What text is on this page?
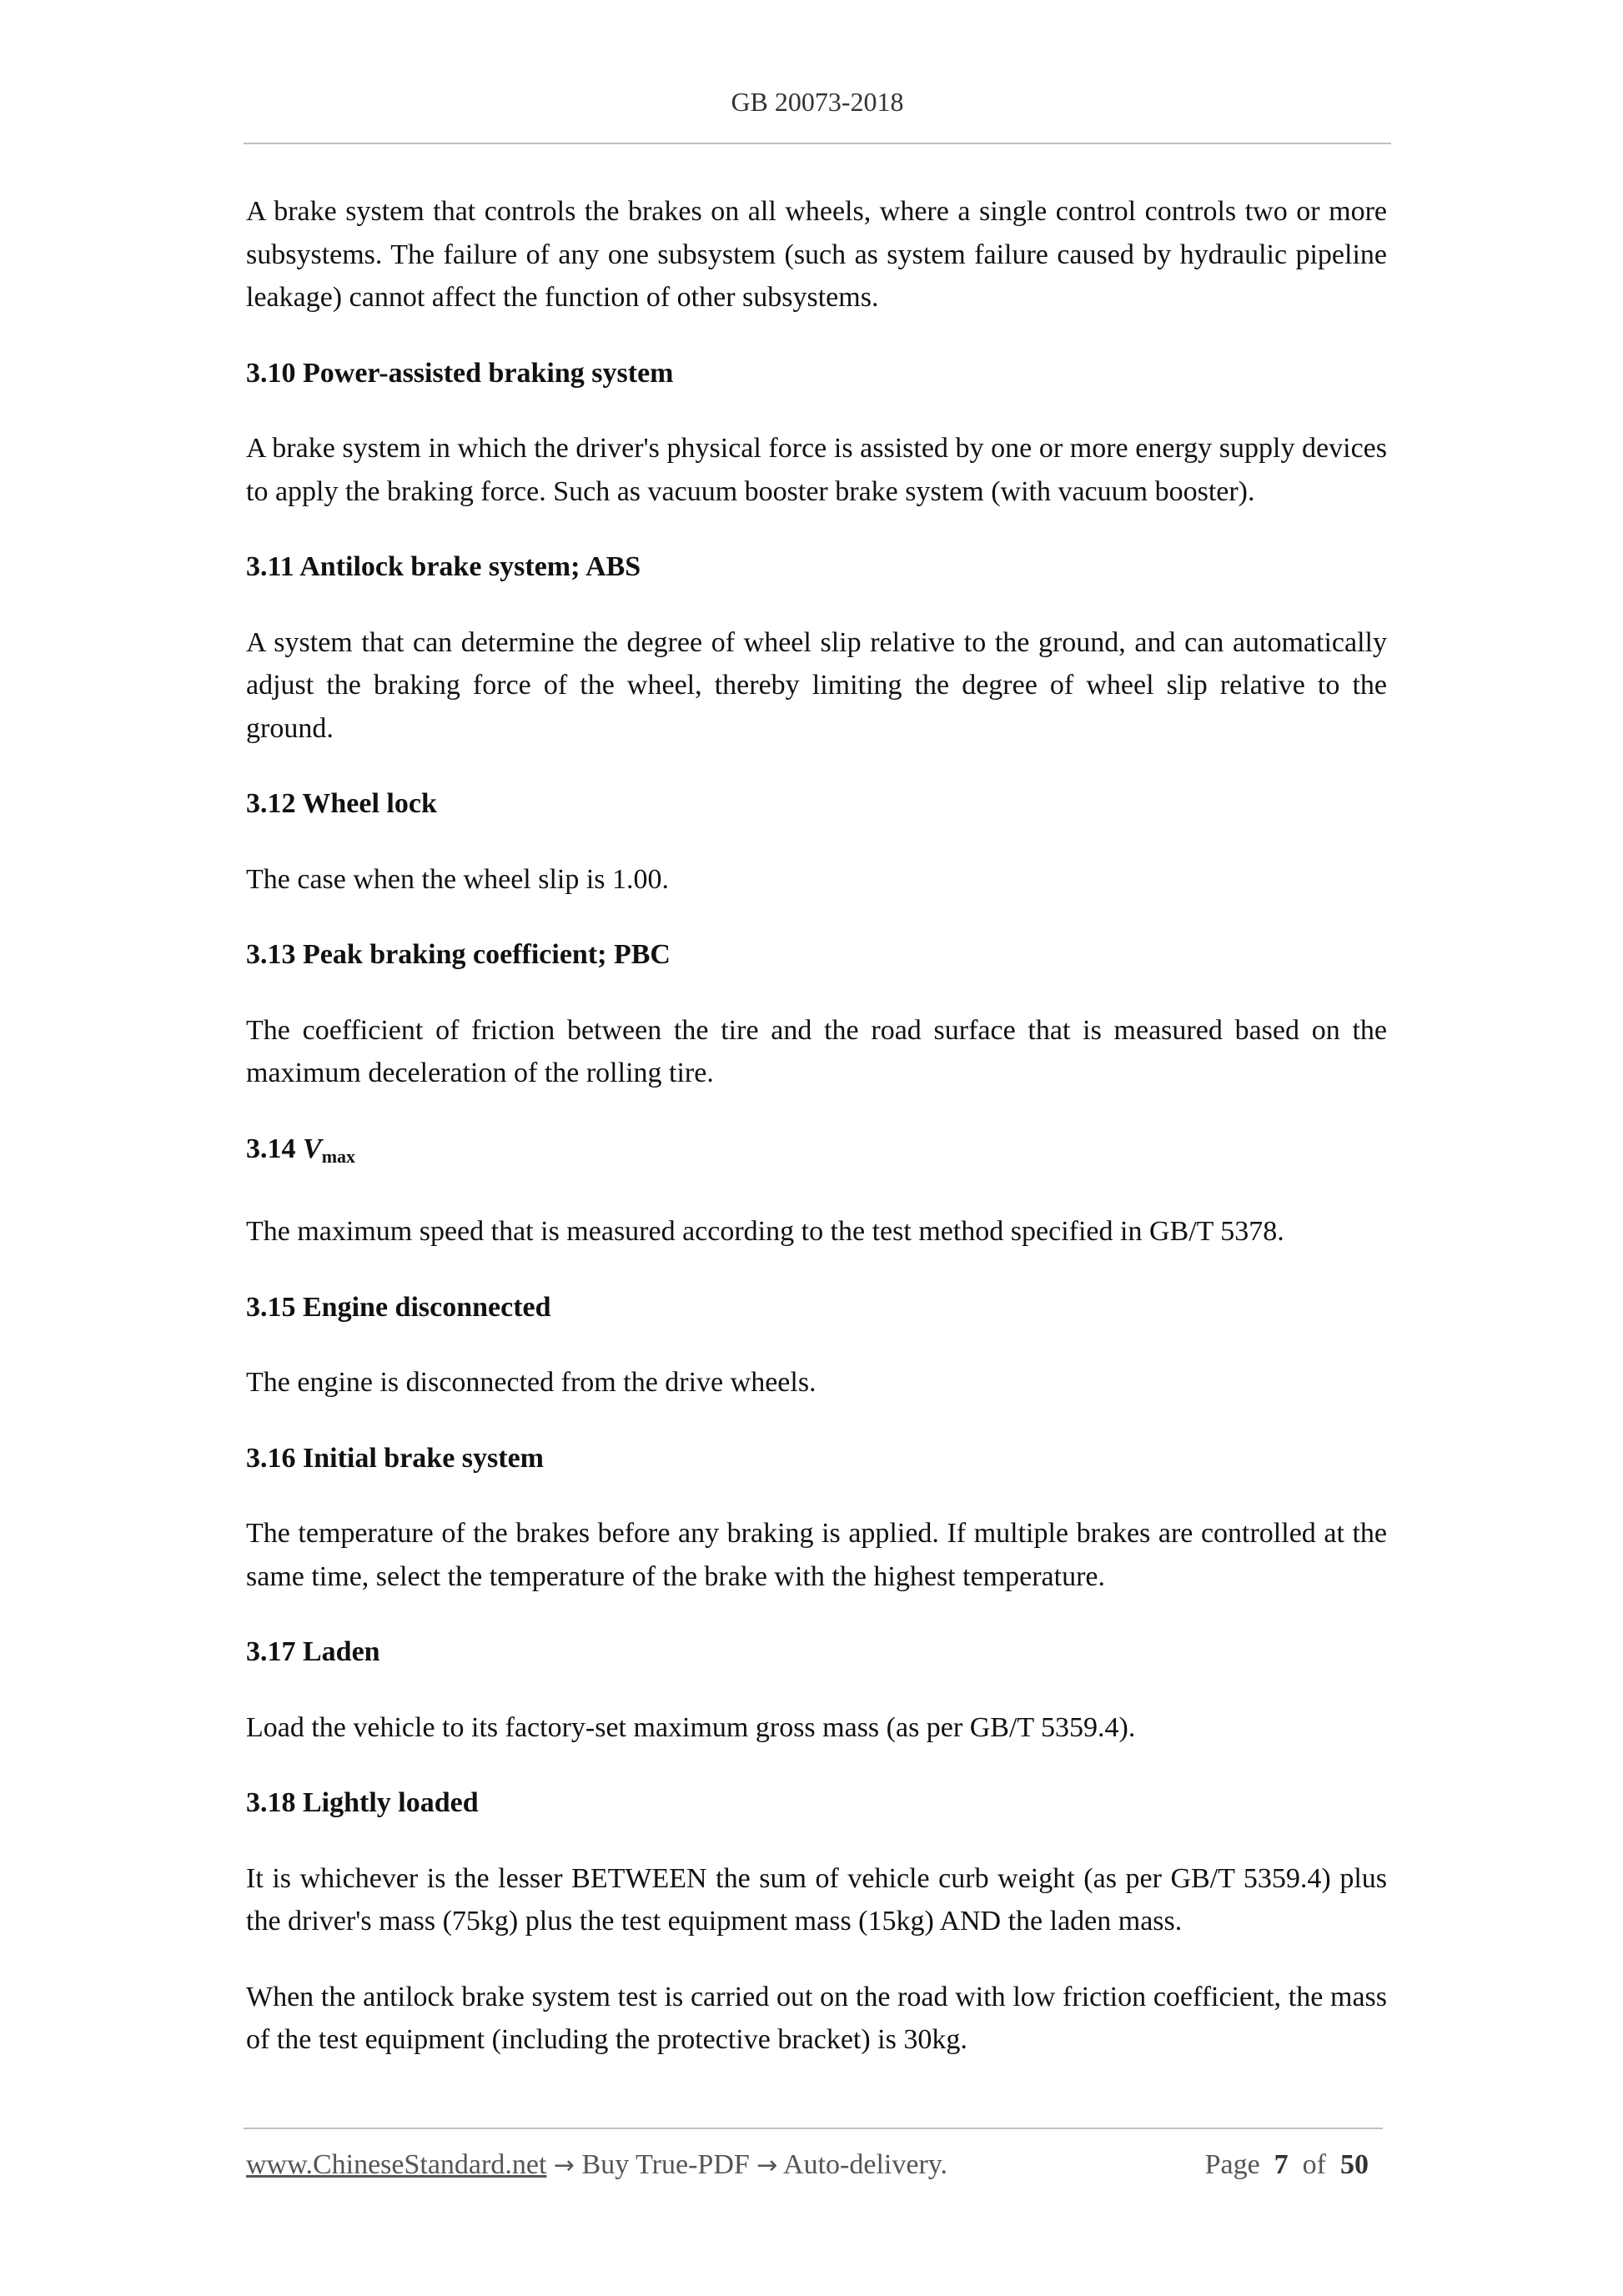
GB 20073-2018

A brake system that controls the brakes on all wheels, where a single control controls two or more subsystems. The failure of any one subsystem (such as system failure caused by hydraulic pipeline leakage) cannot affect the function of other subsystems.

3.10 Power-assisted braking system

A brake system in which the driver's physical force is assisted by one or more energy supply devices to apply the braking force. Such as vacuum booster brake system (with vacuum booster).

3.11 Antilock brake system; ABS

A system that can determine the degree of wheel slip relative to the ground, and can automatically adjust the braking force of the wheel, thereby limiting the degree of wheel slip relative to the ground.

3.12 Wheel lock

The case when the wheel slip is 1.00.

3.13 Peak braking coefficient; PBC

The coefficient of friction between the tire and the road surface that is measured based on the maximum deceleration of the rolling tire.

3.14 $V_{max}$

The maximum speed that is measured according to the test method specified in GB/T 5378.

3.15 Engine disconnected

The engine is disconnected from the drive wheels.

3.16 Initial brake system

The temperature of the brakes before any braking is applied. If multiple brakes are controlled at the same time, select the temperature of the brake with the highest temperature.

3.17 Laden

Load the vehicle to its factory-set maximum gross mass (as per GB/T 5359.4).

3.18 Lightly loaded

It is whichever is the lesser BETWEEN the sum of vehicle curb weight (as per GB/T 5359.4) plus the driver's mass (75kg) plus the test equipment mass (15kg) AND the laden mass.

When the antilock brake system test is carried out on the road with low friction coefficient, the mass of the test equipment (including the protective bracket) is 30kg.

www.ChineseStandard.net → Buy True-PDF → Auto-delivery.	Page 7 of 50
